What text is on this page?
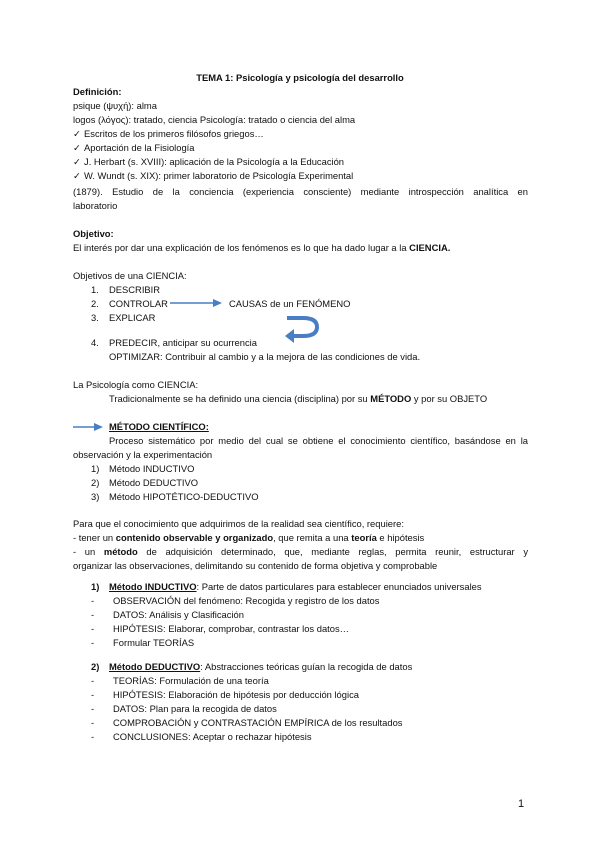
TEMA 1: Psicología y psicología del desarrollo
Definición:
psique (ψυχή): alma
logos (λόγος): tratado, ciencia Psicología: tratado o ciencia del alma
✓ Escritos de los primeros filósofos griegos…
✓ Aportación de la Fisiología
✓ J. Herbart (s. XVIII): aplicación de la Psicología a la Educación
✓ W. Wundt (s. XIX): primer laboratorio de Psicología Experimental
(1879). Estudio de la conciencia (experiencia consciente) mediante introspección analítica en
laboratorio
Objetivo:
El interés por dar una explicación de los fenómenos es lo que ha dado lugar a la CIENCIA.
Objetivos de una CIENCIA:
1. DESCRIBIR
2. CONTROLAR	CAUSAS de un FENÓMENO
3. EXPLICAR
4. PREDECIR, anticipar su ocurrencia
OPTIMIZAR: Contribuir al cambio y a la mejora de las condiciones de vida.
La Psicología como CIENCIA:
Tradicionalmente se ha definido una ciencia (disciplina) por su MÉTODO y por su OBJETO
MÉTODO CIENTÍFICO:
Proceso sistemático por medio del cual se obtiene el conocimiento científico, basándose en la
observación y la experimentación
1) Método INDUCTIVO
2) Método DEDUCTIVO
3) Método HIPOTÉTICO-DEDUCTIVO
Para que el conocimiento que adquirimos de la realidad sea científico, requiere:
- tener un contenido observable y organizado, que remita a una teoría e hipótesis
- un método de adquisición determinado, que, mediante reglas, permita reunir, estructurar y
organizar las observaciones, delimitando su contenido de forma objetiva y comprobable
1) Método INDUCTIVO: Parte de datos particulares para establecer enunciados universales
- OBSERVACIÓN del fenómeno: Recogida y registro de los datos
- DATOS: Análisis y Clasificación
- HIPÓTESIS: Elaborar, comprobar, contrastar los datos…
- Formular TEORÍAS
2) Método DEDUCTIVO: Abstracciones teóricas guían la recogida de datos
- TEORÍAS: Formulación de una teoría
- HIPÓTESIS: Elaboración de hipótesis por deducción lógica
- DATOS: Plan para la recogida de datos
- COMPROBACIÓN y CONTRASTACIÓN EMPÍRICA de los resultados
- CONCLUSIONES: Aceptar o rechazar hipótesis
1
